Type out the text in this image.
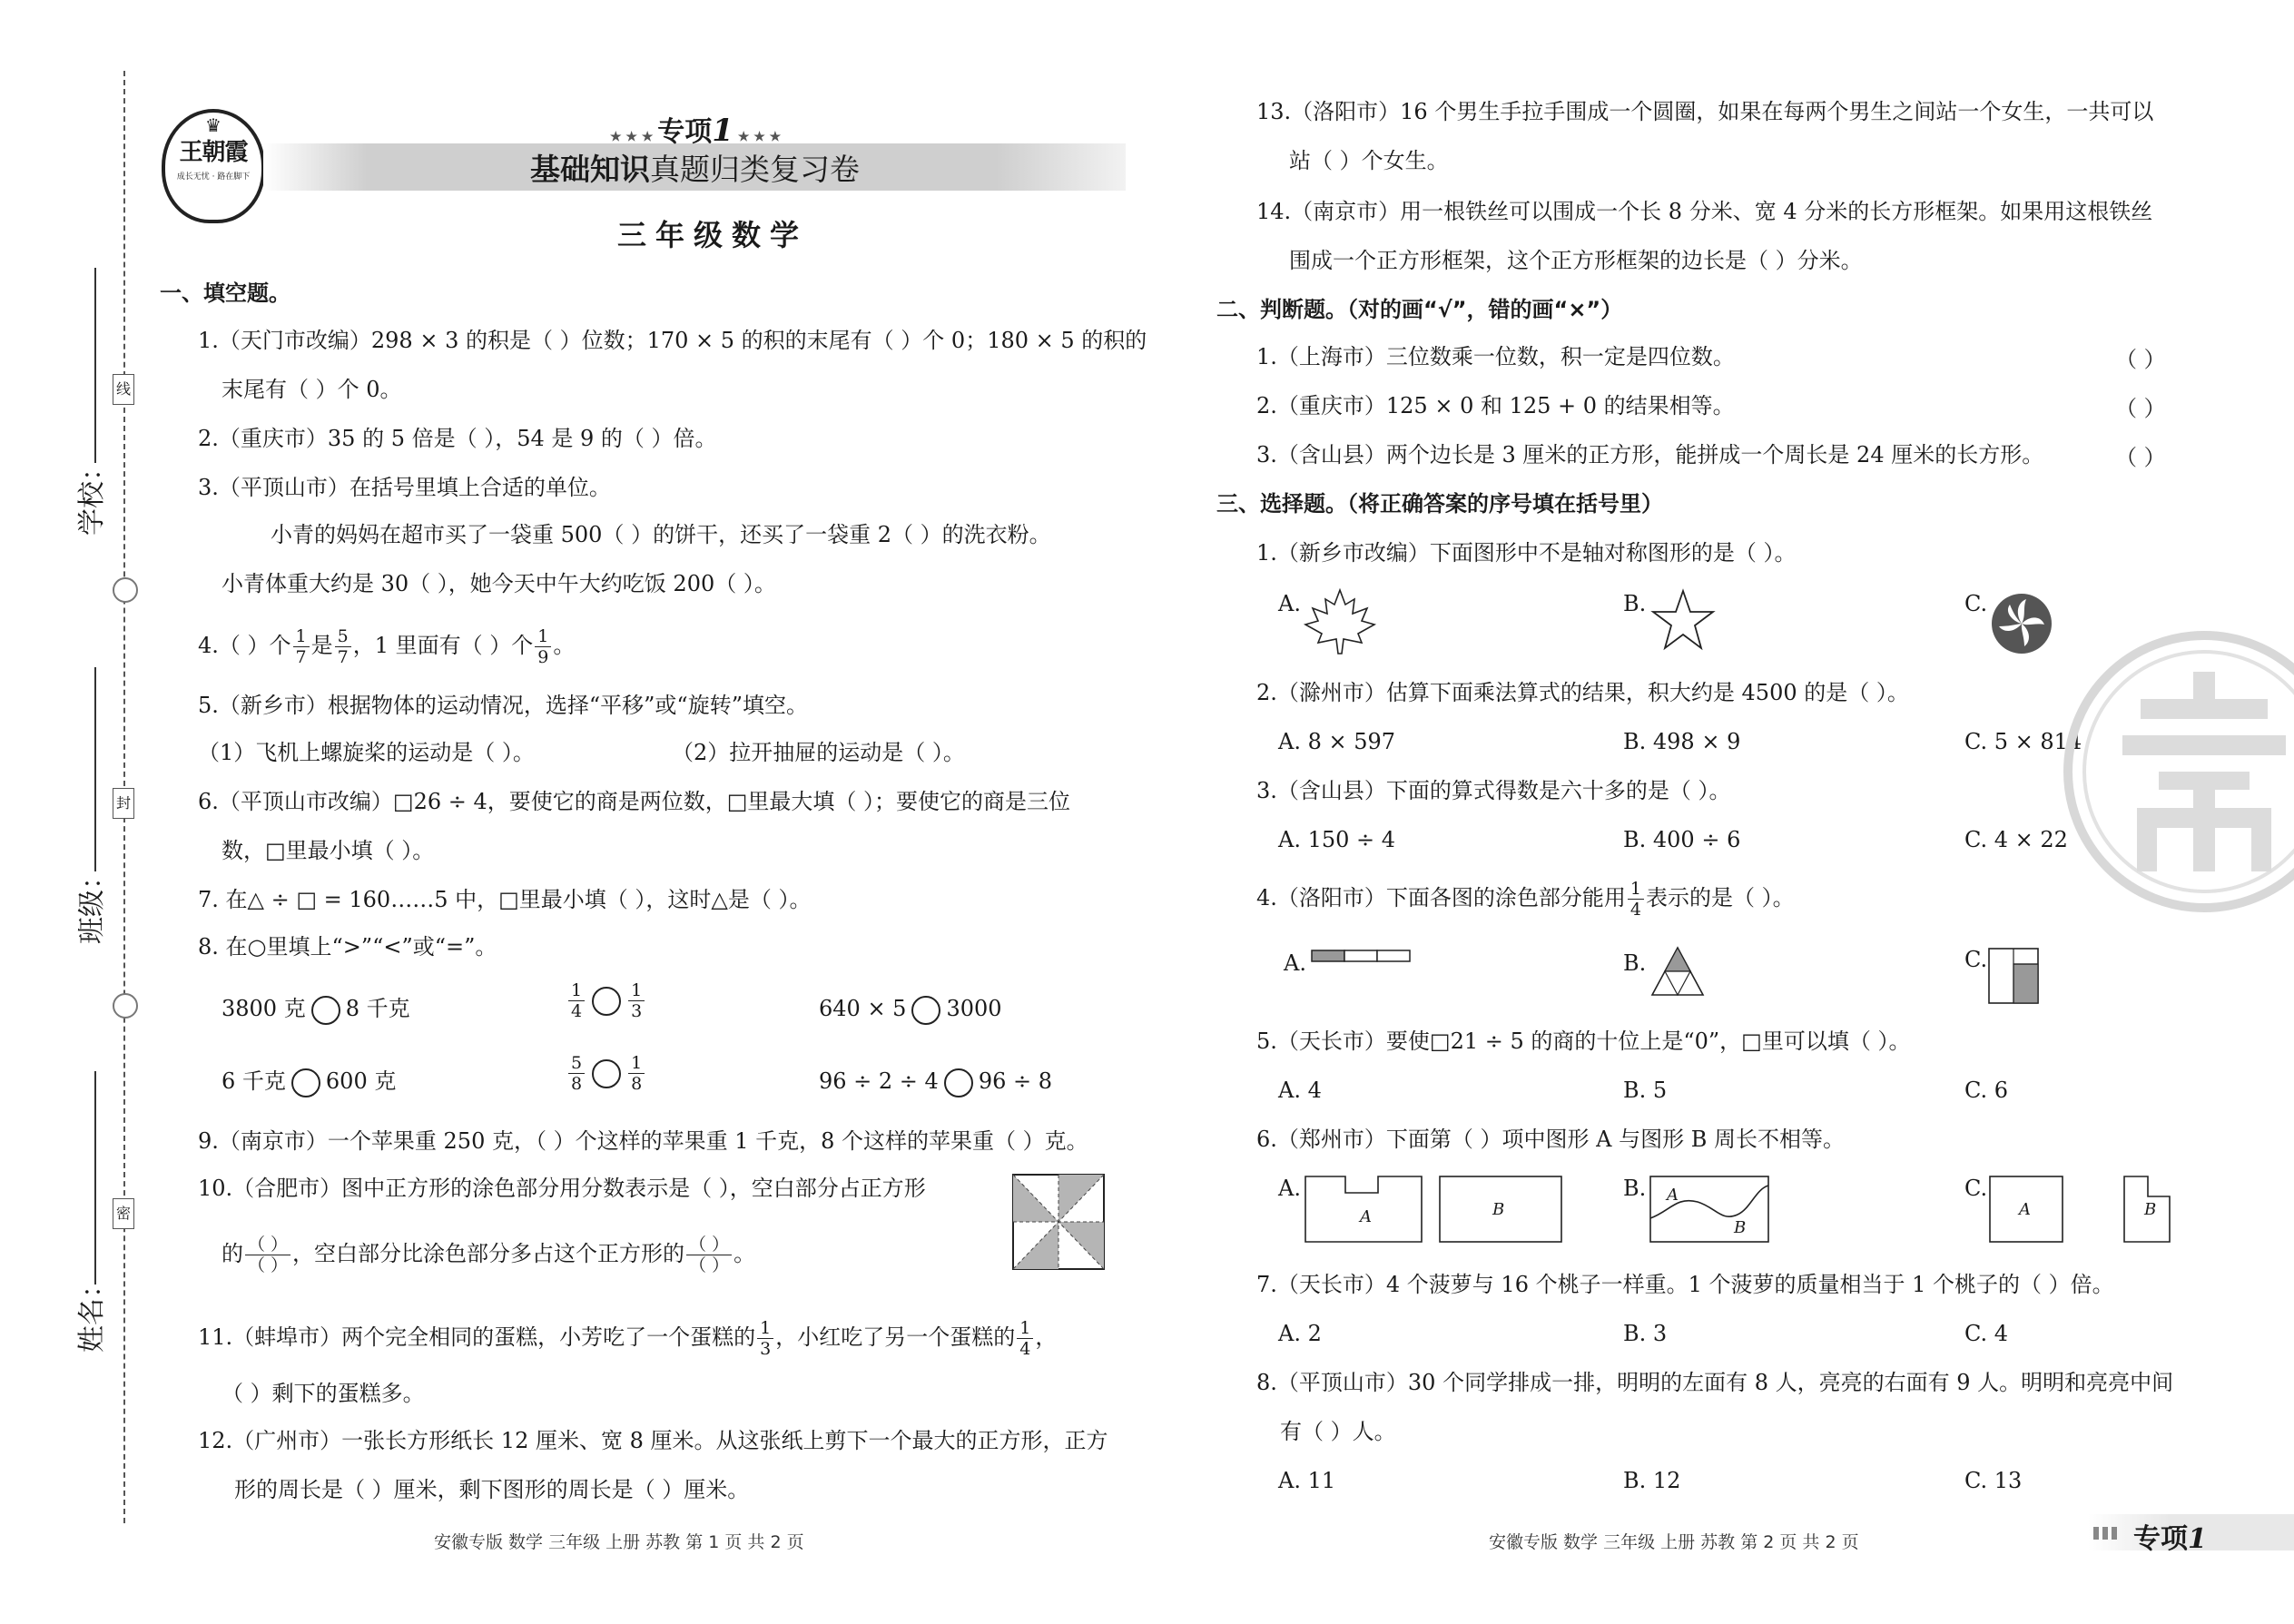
线
封
密
学校：
班级：
姓名：
♛
王朝霞
成长无忧 · 路在脚下
★ ★ ★ 专项1 ★ ★ ★
基础知识真题归类复习卷
三年级数学
一、填空题。
1.（天门市改编）298 × 3 的积是（ ）位数；170 × 5 的积的末尾有（ ）个 0；180 × 5 的积的
末尾有（ ）个 0。
2.（重庆市）35 的 5 倍是（ ），54 是 9 的（ ）倍。
3.（平顶山市）在括号里填上合适的单位。
小青的妈妈在超市买了一袋重 500（ ）的饼干，还买了一袋重 2（ ）的洗衣粉。
小青体重大约是 30（ ），她今天中午大约吃饭 200（ ）。
4.（ ）个 $\frac{1}{7}$ 是 $\frac{5}{7}$ ，1 里面有（ ）个 $\frac{1}{9}$ 。
5.（新乡市）根据物体的运动情况，选择“平移”或“旋转”填空。
（1）飞机上螺旋桨的运动是（ ）。	（2）拉开抽屉的运动是（ ）。
6.（平顶山市改编）□26 ÷ 4，要使它的商是两位数，□里最大填（ ）；要使它的商是三位
数，□里最小填（ ）。
7. 在△ ÷ □ = 160……5 中，□里最小填（ ），这时△是（ ）。
8. 在○里填上“>”“<”或“=”。
3800 克 8 千克	$\frac{1}{4}$	$\frac{1}{3}$	640 × 5 3000
6 千克 600 克	$\frac{5}{8}$	$\frac{1}{8}$	96 ÷ 2 ÷ 4 96 ÷ 8
9.（南京市）一个苹果重 250 克，（ ）个这样的苹果重 1 千克，8 个这样的苹果重（ ）克。
10.（合肥市）图中正方形的涂色部分用分数表示是（ ），空白部分占正方形
的 $\frac{( )}{( )}$ ，空白部分比涂色部分多占这个正方形的 $\frac{( )}{( )}$ 。
11.（蚌埠市）两个完全相同的蛋糕，小芳吃了一个蛋糕的 $\frac{1}{3}$ ，小红吃了另一个蛋糕的 $\frac{1}{4}$ ，
（ ）剩下的蛋糕多。
12.（广州市）一张长方形纸长 12 厘米、宽 8 厘米。从这张纸上剪下一个最大的正方形，正方
形的周长是（ ）厘米，剩下图形的周长是（ ）厘米。
安徽专版 数学 三年级 上册 苏教 第 1 页 共 2 页
13.（洛阳市）16 个男生手拉手围成一个圆圈，如果在每两个男生之间站一个女生，一共可以
站（ ）个女生。
14.（南京市）用一根铁丝可以围成一个长 8 分米、宽 4 分米的长方形框架。如果用这根铁丝
围成一个正方形框架，这个正方形框架的边长是（ ）分米。
二、判断题。（对的画“√”，错的画“×”）
1.（上海市）三位数乘一位数，积一定是四位数。	（ ）
2.（重庆市）125 × 0 和 125 + 0 的结果相等。	（ ）
3.（含山县）两个边长是 3 厘米的正方形，能拼成一个周长是 24 厘米的长方形。	（ ）
三、选择题。（将正确答案的序号填在括号里）
1.（新乡市改编）下面图形中不是轴对称图形的是（ ）。
A.	B.	C.
2.（滁州市）估算下面乘法算式的结果，积大约是 4500 的是（ ）。
A. 8 × 597	B. 498 × 9	C. 5 × 814
3.（含山县）下面的算式得数是六十多的是（ ）。
A. 150 ÷ 4	B. 400 ÷ 6	C. 4 × 22
4.（洛阳市）下面各图的涂色部分能用 $\frac{1}{4}$ 表示的是（ ）。
A.	B.	C.
5.（天长市）要使□21 ÷ 5 的商的十位上是“0”，□里可以填（ ）。
A. 4	B. 5	C. 6
6.（郑州市）下面第（ ）项中图形 A 与图形 B 周长不相等。
A.
A	B
B. A
B
C.
A	B
7.（天长市）4 个菠萝与 16 个桃子一样重。1 个菠萝的质量相当于 1 个桃子的（ ）倍。
A. 2	B. 3	C. 4
8.（平顶山市）30 个同学排成一排，明明的左面有 8 人，亮亮的右面有 9 人。明明和亮亮中间
有（ ）人。
A. 11	B. 12	C. 13
安徽专版 数学 三年级 上册 苏教 第 2 页 共 2 页	专项1
